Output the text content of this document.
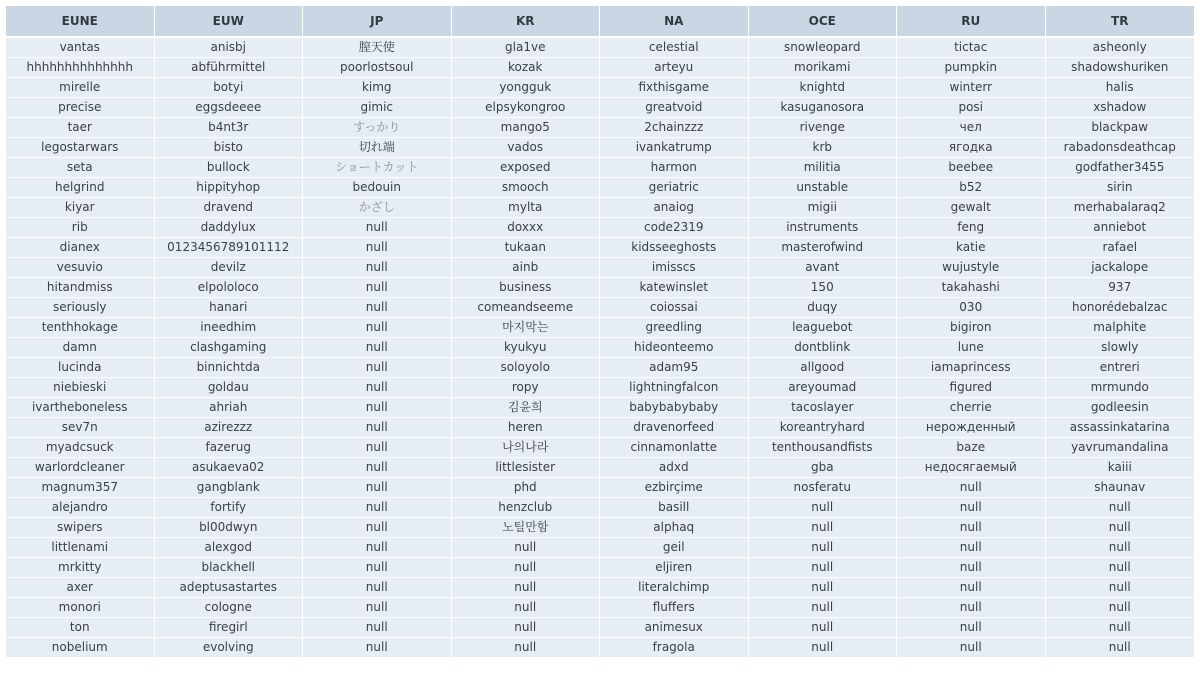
EUNE	EUW	JP	KR	NA	OCE	RU	TR
vantas	anisbj	膣天使	gla1ve	celestial	snowleopard	tictac	asheonly
hhhhhhhhhhhhhh	abführmittel	poorlostsoul	kozak	arteyu	morikami	pumpkin	shadowshuriken
mirelle	botyi	kimg	yongguk	fixthisgame	knightd	winterr	halis
precise	eggsdeeee	gimic	elpsykongroo	greatvoid	kasuganosora	posi	xshadow
taer	b4nt3r	すっかり	mango5	2chainzzz	rivenge	чел	blackpaw
legostarwars	bisto	切れ端	vados	ivankatrump	krb	ягодка	rabadonsdeathcap
seta	bullock	ショートカット	exposed	harmon	militia	beebee	godfather3455
helgrind	hippityhop	bedouin	smooch	geriatric	unstable	b52	sirin
kiyar	dravend	かざし	mylta	anaiog	migii	gewalt	merhabalaraq2
rib	daddylux	null	doxxx	code2319	instruments	feng	anniebot
dianex	0123456789101112	null	tukaan	kidsseeghosts	masterofwind	katie	rafael
vesuvio	devilz	null	ainb	imisscs	avant	wujustyle	jackalope
hitandmiss	elpololoco	null	business	katewinslet	150	takahashi	937
seriously	hanari	null	comeandseeme	coiossai	duqy	030	honorédebalzac
tenthhokage	ineedhim	null	마지막는	greedling	leaguebot	bigiron	malphite
damn	clashgaming	null	kyukyu	hideonteemo	dontblink	lune	slowly
lucinda	binnichtda	null	soloyolo	adam95	allgood	iamaprincess	entreri
niebieski	goldau	null	ropy	lightningfalcon	areyoumad	figured	mrmundo
ivartheboneless	ahriah	null	김윤희	babybabybaby	tacoslayer	cherrie	godleesin
sev7n	azirezzz	null	heren	dravenorfeed	koreantryhard	нерожденный	assassinkatarina
myadcsuck	fazerug	null	나의나라	cinnamonlatte	tenthousandfists	baze	yavrumandalina
warlordcleaner	asukaeva02	null	littlesister	adxd	gba	недосягаемый	kaiii
magnum357	gangblank	null	phd	ezbirçime	nosferatu	null	shaunav
alejandro	fortify	null	henzclub	basill	null	null	null
swipers	bl00dwyn	null	노틸만함	alphaq	null	null	null
littlenami	alexgod	null	null	geil	null	null	null
mrkitty	blackhell	null	null	eljiren	null	null	null
axer	adeptusastartes	null	null	literalchimp	null	null	null
monori	cologne	null	null	fluffers	null	null	null
ton	firegirl	null	null	animesux	null	null	null
nobelium	evolving	null	null	fragola	null	null	null
